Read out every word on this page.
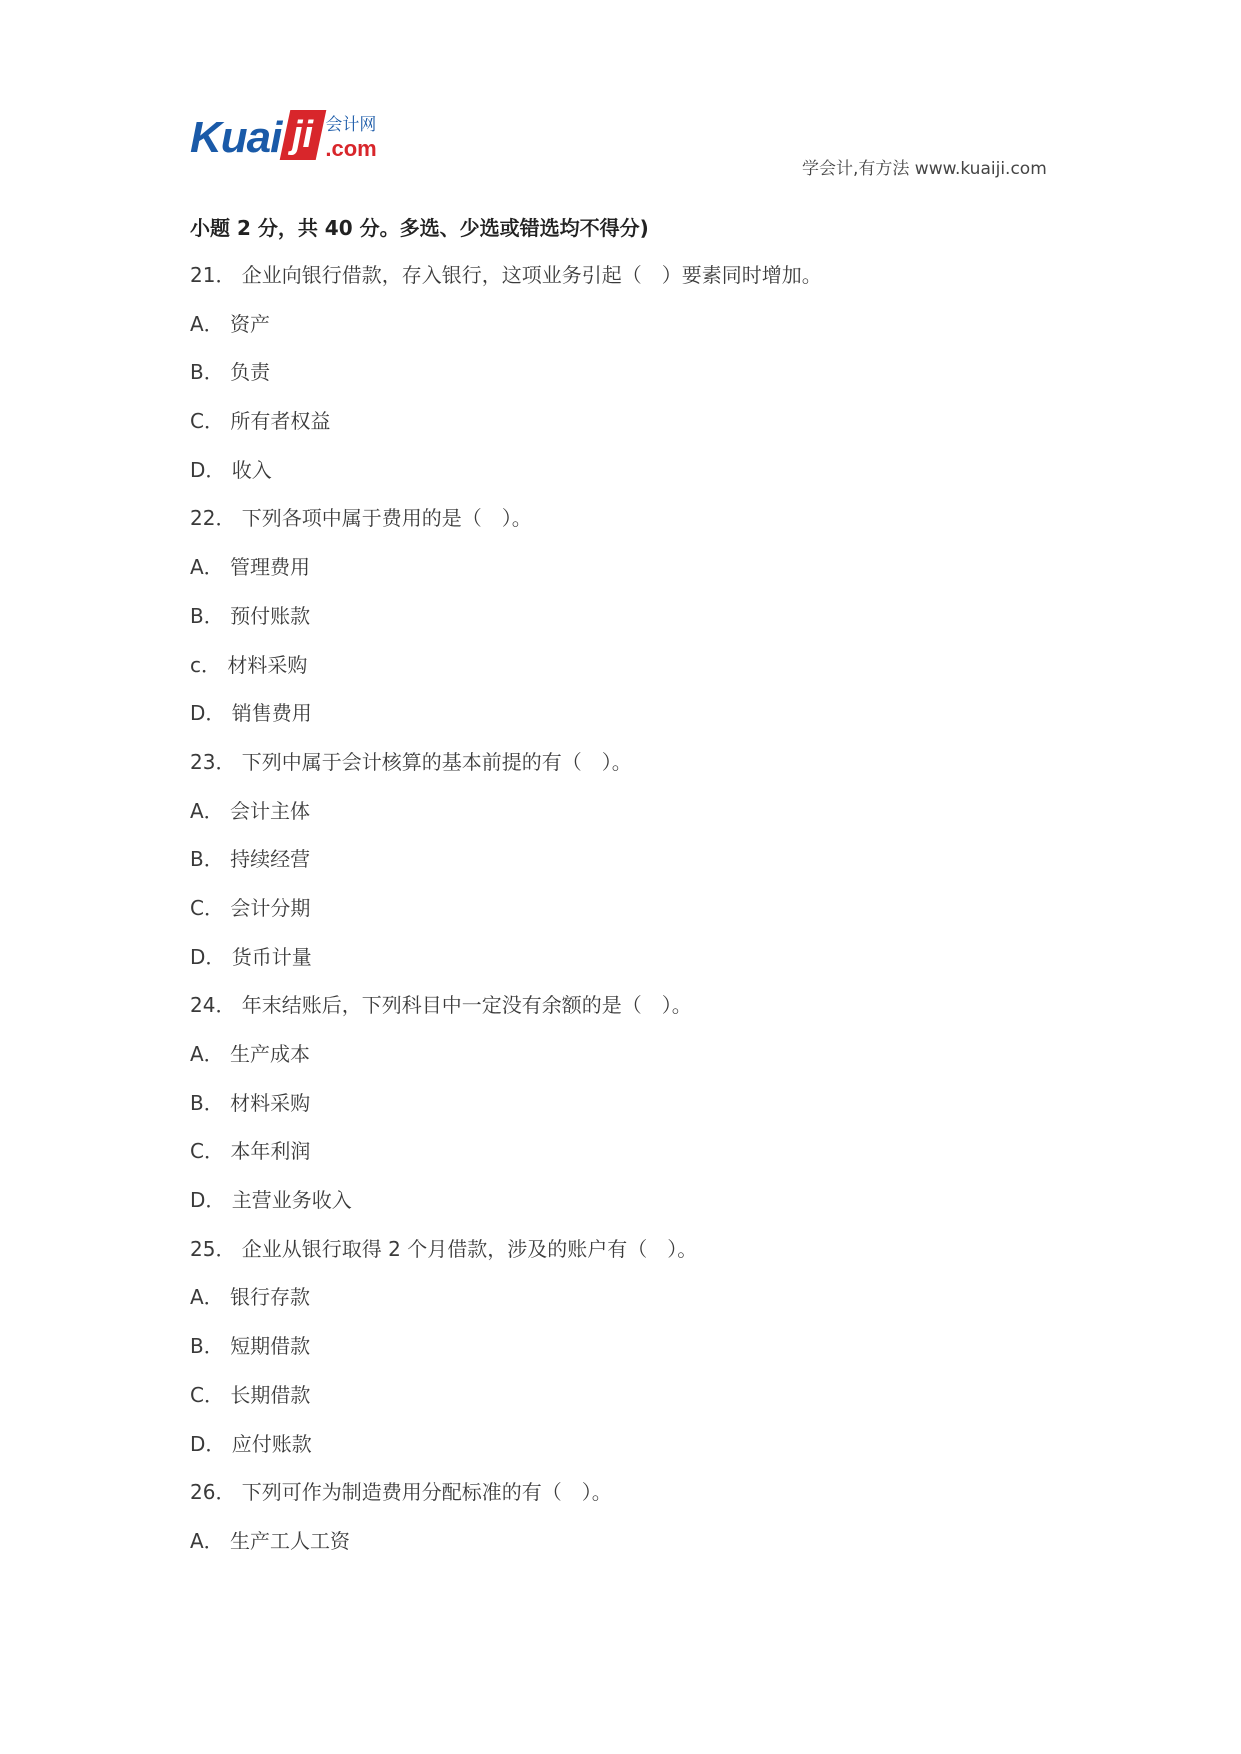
Kuai ji 会计网
.com
学会计,有方法 www.kuaiji.com
小题 2 分，共 40 分。多选、少选或错选均不得分)
21． 企业向银行借款，存入银行，这项业务引起（　）要素同时增加。
A． 资产
B． 负责
C． 所有者权益
D． 收入
22． 下列各项中属于费用的是（　）。
A． 管理费用
B． 预付账款
c． 材料采购
D． 销售费用
23． 下列中属于会计核算的基本前提的有（　）。
A． 会计主体
B． 持续经营
C． 会计分期
D． 货币计量
24． 年末结账后，下列科目中一定没有余额的是（　）。
A． 生产成本
B． 材料采购
C． 本年利润
D． 主营业务收入
25． 企业从银行取得 2 个月借款，涉及的账户有（　）。
A． 银行存款
B． 短期借款
C． 长期借款
D． 应付账款
26． 下列可作为制造费用分配标准的有（　）。
A． 生产工人工资
